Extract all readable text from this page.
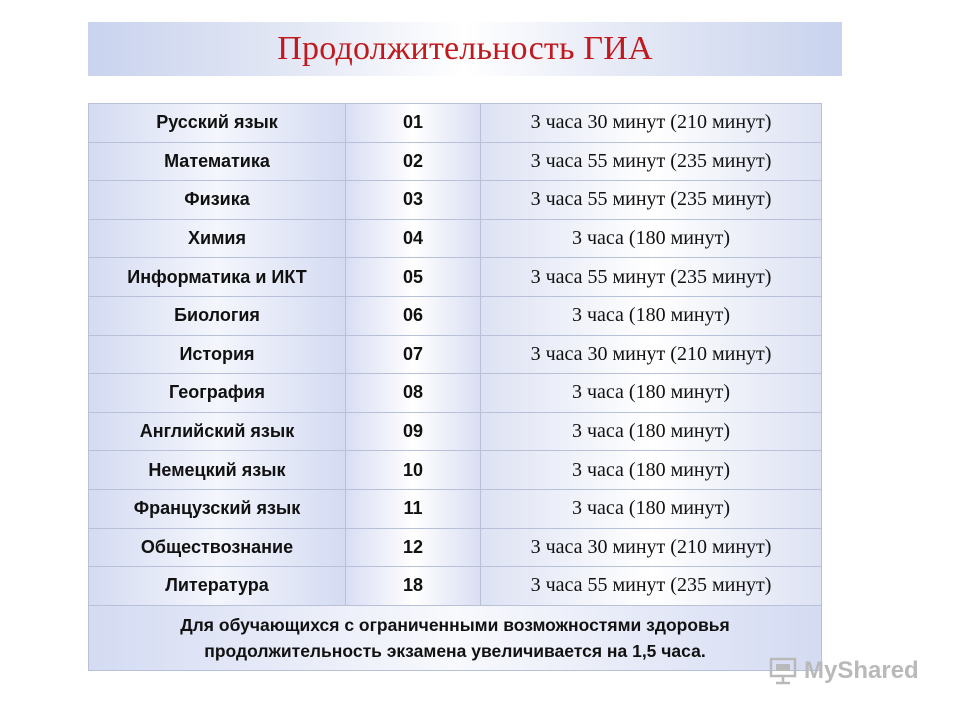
Продолжительность ГИА
Русский язык	01	3 часа 30 минут (210 минут)
Математика	02	3 часа 55 минут (235 минут)
Физика	03	3 часа 55 минут (235 минут)
Химия	04	3 часа (180 минут)
Информатика и ИКТ	05	3 часа 55 минут (235 минут)
Биология	06	3 часа (180 минут)
История	07	3 часа 30 минут (210 минут)
География	08	3 часа (180 минут)
Английский язык	09	3 часа (180 минут)
Немецкий язык	10	3 часа (180 минут)
Французский язык	11	3 часа (180 минут)
Обществознание	12	3 часа 30 минут (210 минут)
Литература	18	3 часа 55 минут (235 минут)

Для обучающихся с ограниченными возможностями здоровья
продолжительность экзамена увеличивается на 1,5 часа.		
MyShared
